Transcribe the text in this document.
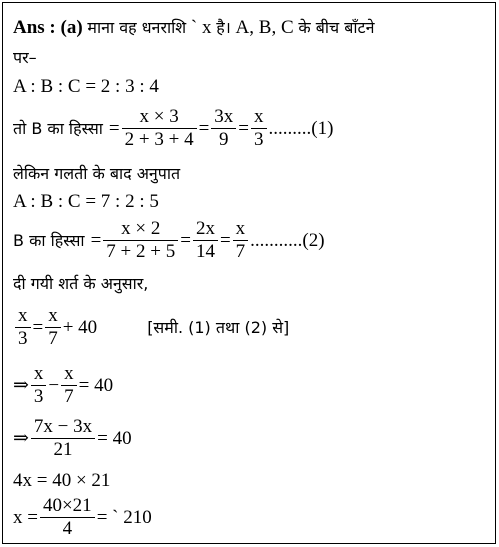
Ans : (a) माना वह धनराशि ` x है। A, B, C के बीच बाँटने
पर–
A : B : C = 2 : 3 : 4
तो B का हिस्सा = $\frac{x \times 3}{2 + 3 + 4} = \frac{3x}{9} = \frac{x}{3} .........(1)$
लेकिन गलती के बाद अनुपात
A : B : C = 7 : 2 : 5
B का हिस्सा = $\frac{x \times 2}{7 + 2 + 5} = \frac{2x}{14} = \frac{x}{7} ...........(2)$
दी गयी शर्त के अनुसार,
$\frac{x}{3} = \frac{x}{7} + 40$	[समी. (1) तथा (2) से]
⇒ $\frac{x}{3} - \frac{x}{7} = 40$
⇒ $\frac{7x - 3x}{21} = 40$
4x = 40 × 21
$x = \frac{40\times 21}{4}$ = ` 210
